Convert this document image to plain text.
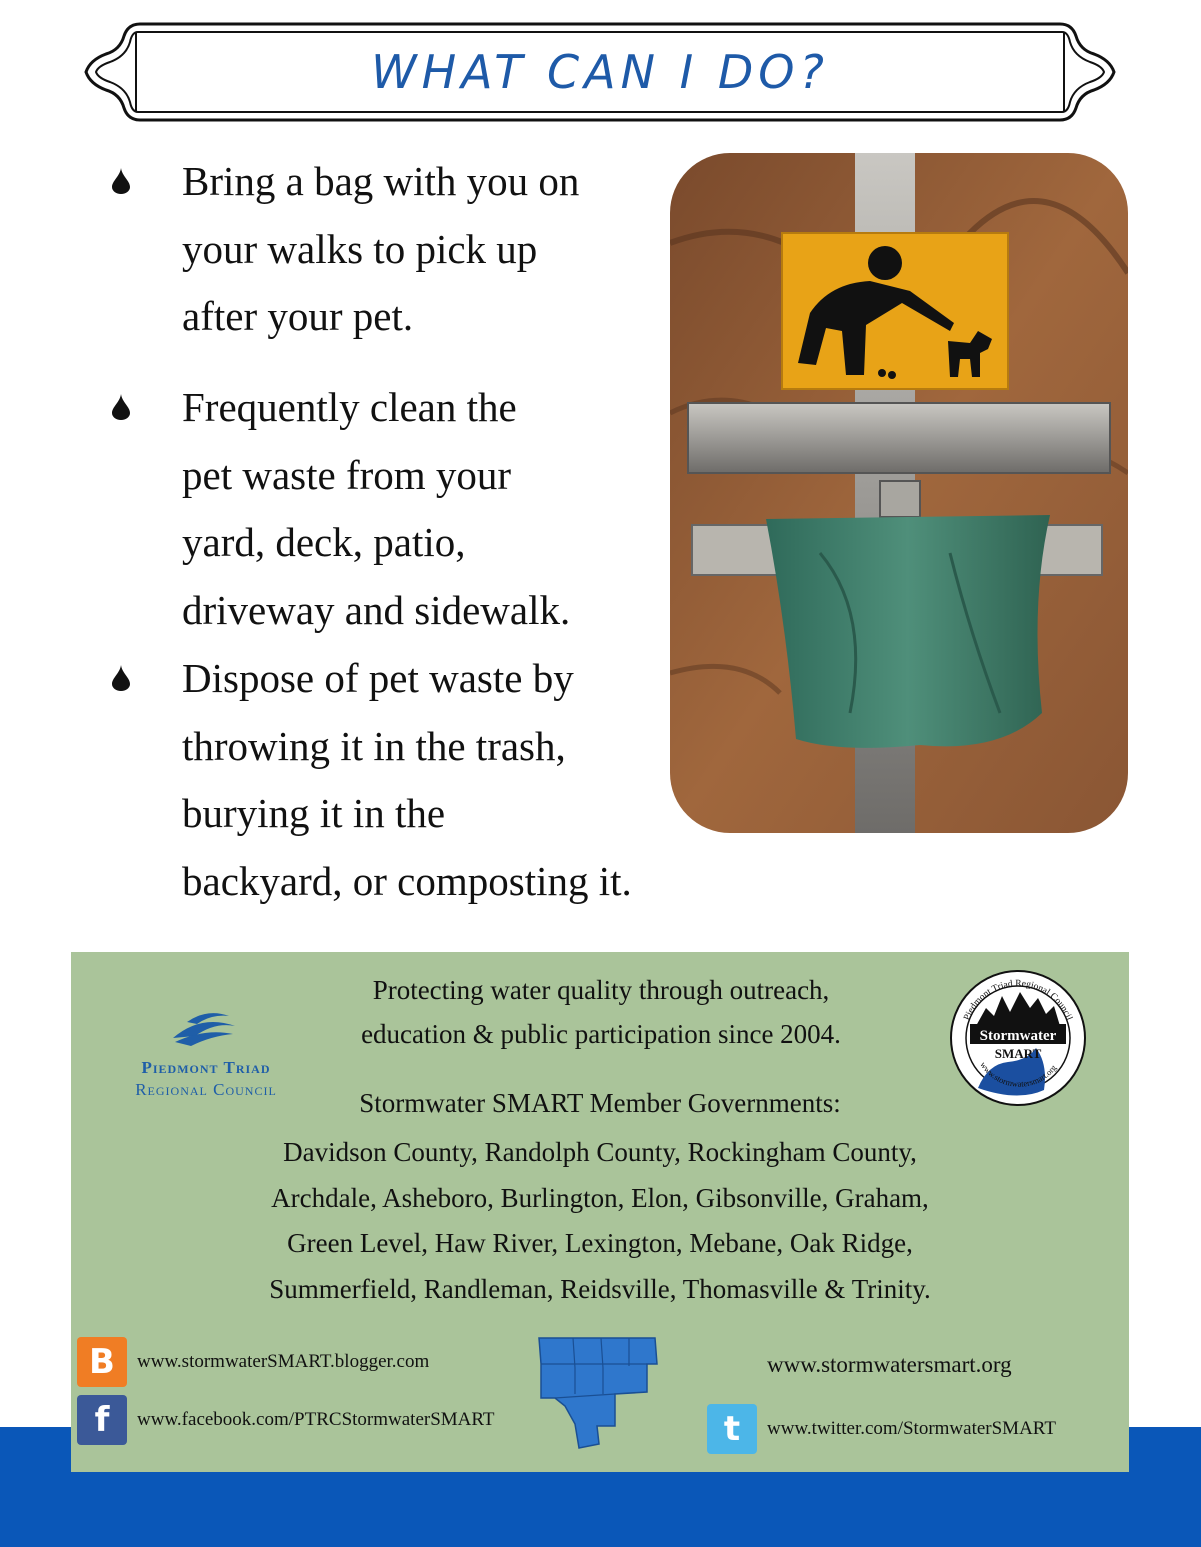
WHAT CAN I DO?
Bring a bag with you on
your walks to pick up
after your pet.
Frequently clean the
pet waste from your
yard, deck, patio,
driveway and sidewalk.
Dispose of pet waste by
throwing it in the trash,
burying it in the
backyard, or composting it.
Piedmont Triad
Regional Council
Protecting water quality through outreach,
education & public participation since 2004.
Piedmont Triad Regional Council
www.stormwatersmart.org
Stormwater
SMART
Stormwater SMART Member Governments:
Davidson County, Randolph County, Rockingham County,
Archdale, Asheboro, Burlington, Elon, Gibsonville, Graham,
Green Level, Haw River, Lexington, Mebane, Oak Ridge,
Summerfield, Randleman, Reidsville, Thomasville & Trinity.
B	www.stormwaterSMART.blogger.com
f	www.facebook.com/PTRCStormwaterSMART
www.stormwatersmart.org
t	www.twitter.com/StormwaterSMART
